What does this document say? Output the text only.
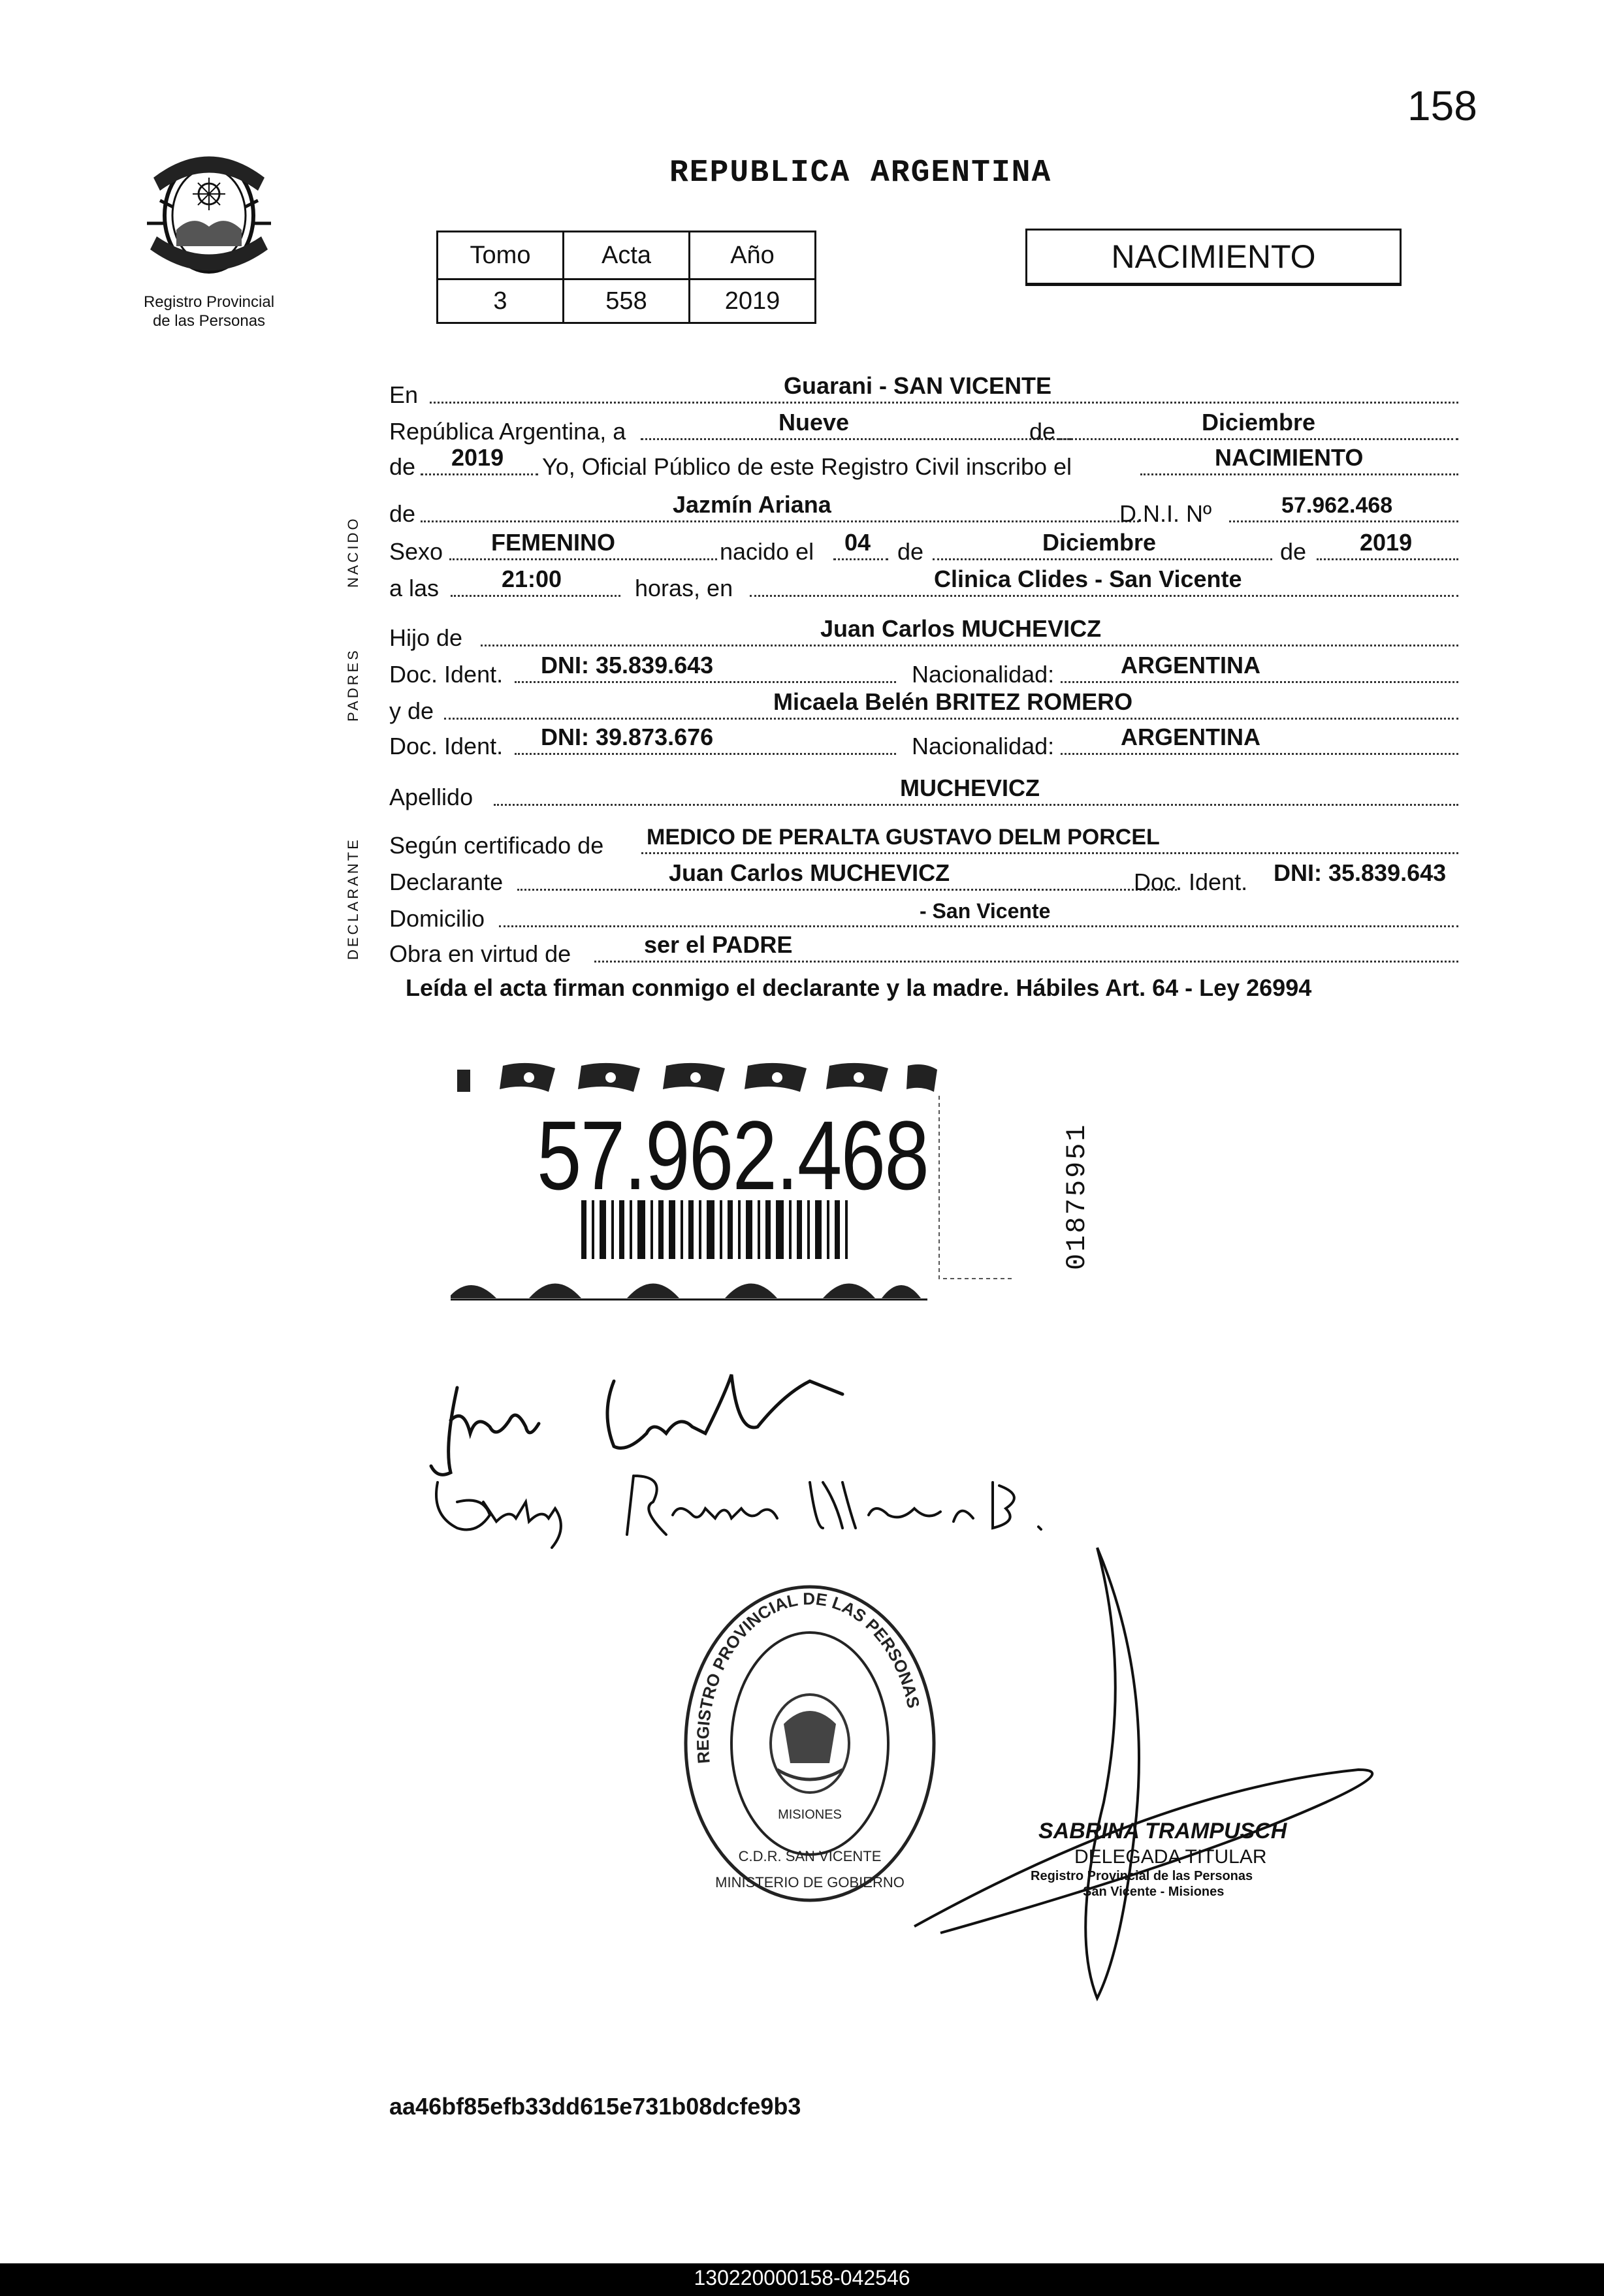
158
Registro Provincial
de las Personas
REPUBLICA ARGENTINA
Tomo	Acta	Año
3	558	2019
NACIMIENTO
NACIDO
PADRES
DECLARANTE
En	Guarani - SAN VICENTE
República Argentina, a	Nueve	de	Diciembre
de 2019 Yo, Oficial Público de este Registro Civil inscribo el	NACIMIENTO
de	Jazmín Ariana	D.N.I. Nº	57.962.468
Sexo FEMENINO	nacido el 04 de	Diciembre	de 2019
a las	21:00	horas, en	Clinica Clides - San Vicente
Hijo de	Juan Carlos MUCHEVICZ
Doc. Ident. DNI: 35.839.643	Nacionalidad:	ARGENTINA
y de	Micaela Belén BRITEZ ROMERO
Doc. Ident. DNI: 39.873.676	Nacionalidad:	ARGENTINA
Apellido	MUCHEVICZ
Según certificado de MEDICO DE PERALTA GUSTAVO DELM PORCEL
Declarante	Juan Carlos MUCHEVICZ	Doc. Ident. DNI: 35.839.643
Domicilio	- San Vicente
Obra en virtud de	ser el PADRE
Leída el acta firman conmigo el declarante y la madre. Hábiles Art. 64 - Ley 26994
57.962.468	01875951
REGISTRO PROVINCIAL DE LAS PERSONAS
MISIONES
C.D.R. SAN VICENTE
MINISTERIO DE GOBIERNO
SABRINA TRAMPUSCH
DELEGADA TITULAR
Registro Provincial de las Personas
San Vicente - Misiones
aa46bf85efb33dd615e731b08dcfe9b3
130220000158-042546
